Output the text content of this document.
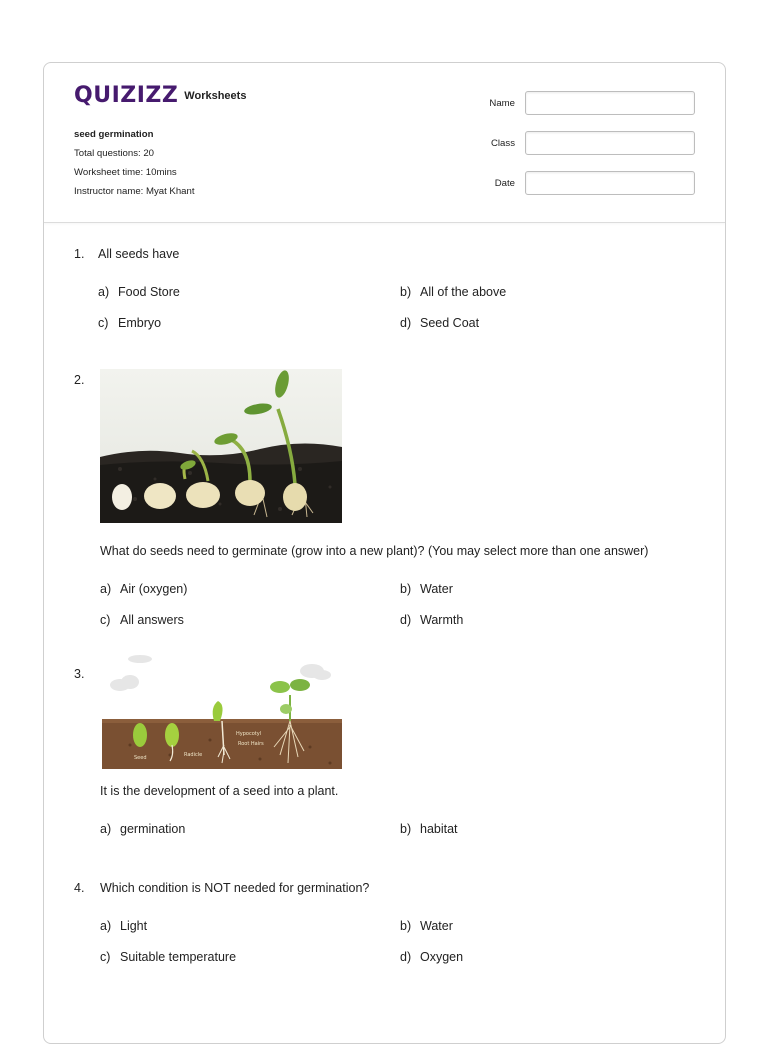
QUIZIZZ Worksheets
seed germination
Total questions: 20
Worksheet time: 10mins
Instructor name: Myat Khant
Name
Class
Date
1. All seeds have
a) Food Store	b) All of the above
c) Embryo	d) Seed Coat
2.
What do seeds need to germinate (grow into a new plant)? (You may select more than one answer)
a) Air (oxygen)	b) Water
c) All answers	d) Warmth
3.
Seed	Radicle
Hypocotyl
Root Hairs
It is the development of a seed into a plant.
a) germination	b) habitat
4. Which condition is NOT needed for germination?
a) Light	b) Water
c) Suitable temperature	d) Oxygen
